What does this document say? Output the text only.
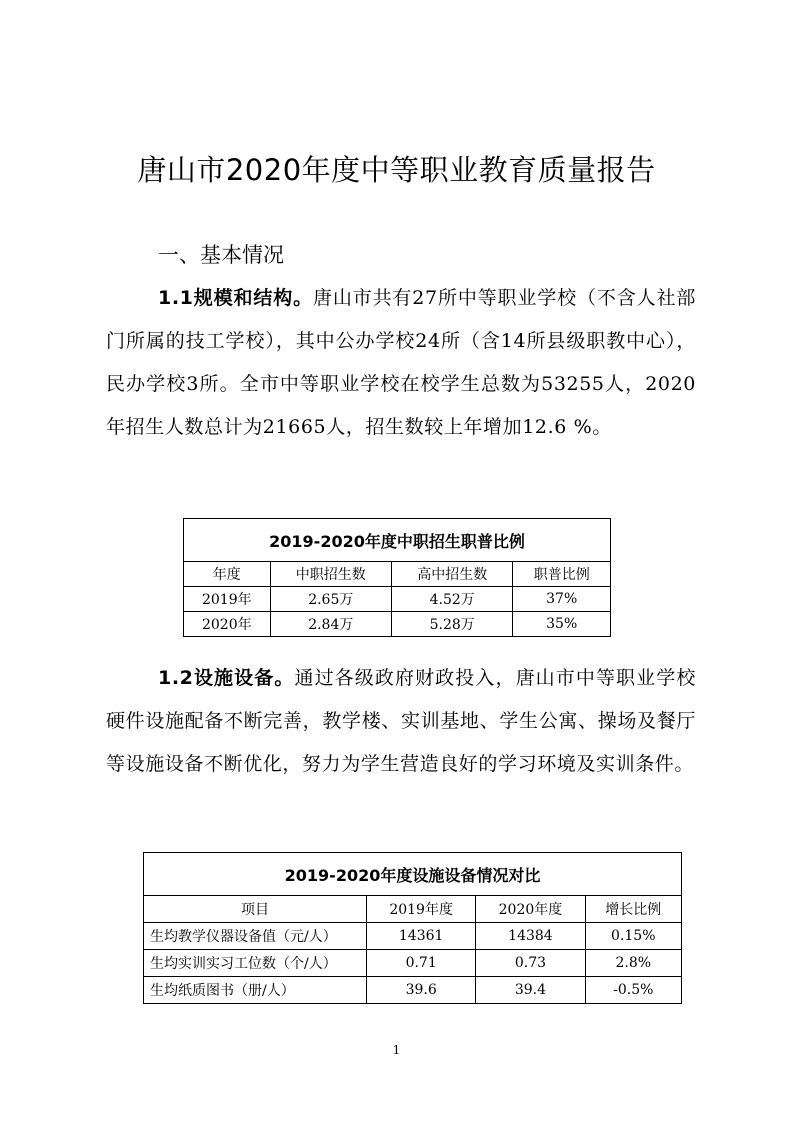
唐山市2020年度中等职业教育质量报告
一、基本情况
1.1规模和结构。唐山市共有27所中等职业学校（不含人社部门所属的技工学校），其中公办学校24所（含14所县级职教中心），民办学校3所。全市中等职业学校在校学生总数为53255人，2020年招生人数总计为21665人，招生数较上年增加12.6 %。
2019-2020年度中职招生职普比例			
年度	中职招生数	高中招生数	职普比例
2019年	2.65万	4.52万	37%
2020年	2.84万	5.28万	35%
1.2设施设备。通过各级政府财政投入，唐山市中等职业学校硬件设施配备不断完善，教学楼、实训基地、学生公寓、操场及餐厅等设施设备不断优化，努力为学生营造良好的学习环境及实训条件。
2019-2020年度设施设备情况对比			
项目	2019年度	2020年度	增长比例
生均教学仪器设备值（元/人）	14361	14384	0.15%
生均实训实习工位数（个/人）	0.71	0.73	2.8%
生均纸质图书（册/人）	39.6	39.4	-0.5%
1
